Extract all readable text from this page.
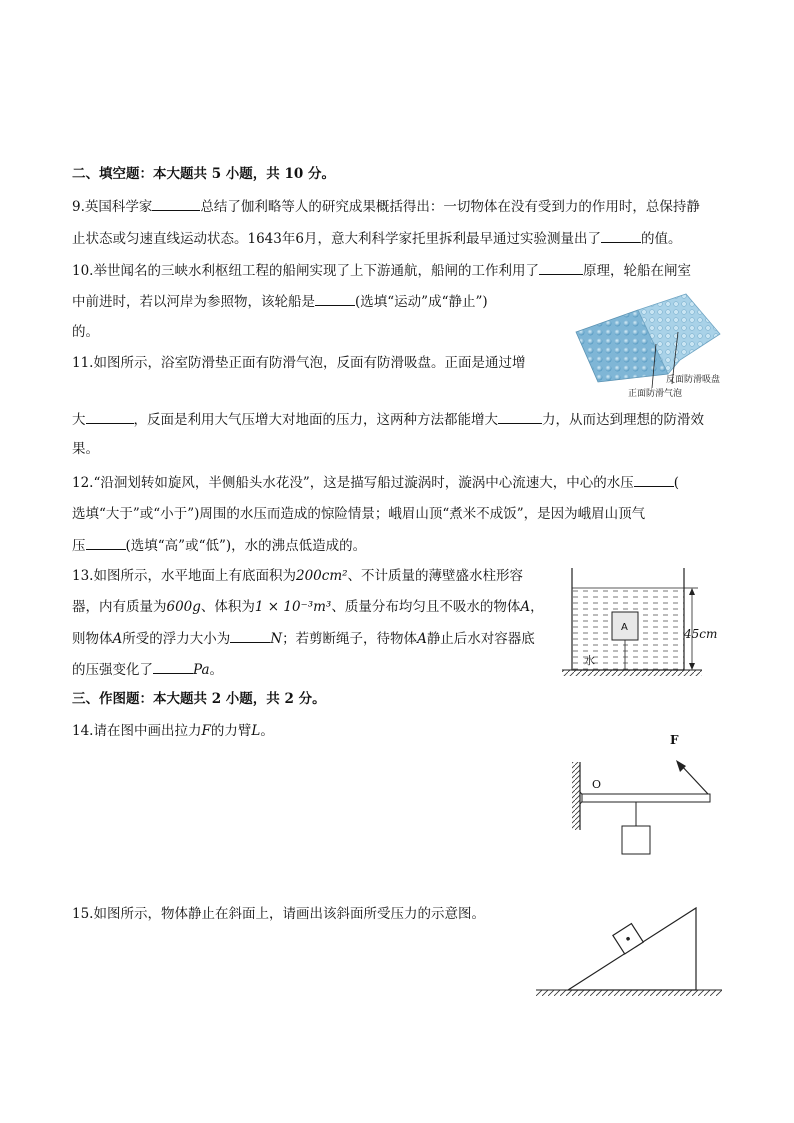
二、填空题：本大题共 5 小题，共 10 分。
9.英国科学家	总结了伽利略等人的研究成果概括得出：一切物体在没有受到力的作用时，总保持静
止状态或匀速直线运动状态。1643年6月，意大利科学家托里拆利最早通过实验测量出了	的值。
10.举世闻名的三峡水利枢纽工程的船闸实现了上下游通航，船闸的工作利用了	原理，轮船在闸室
中前进时，若以河岸为参照物，该轮船是	(选填“运动”成“静止”)
的。
11.如图所示，浴室防滑垫正面有防滑气泡，反面有防滑吸盘。正面是通过增
大	，反面是利用大气压增大对地面的压力，这两种方法都能增大	力，从而达到理想的防滑效
果。
反面防滑吸盘
正面防滑气泡
12.“沿洄划转如旋风，半侧船头水花没”，这是描写船过漩涡时，漩涡中心流速大，中心的水压	(
选填“大于”或“小于”)周围的水压而造成的惊险情景；峨眉山顶“煮米不成饭”，是因为峨眉山顶气
压	(选填“高”或“低”)，水的沸点低造成的。
13.如图所示，水平地面上有底面积为200cm²、不计质量的薄壁盛水柱形容
器，内有质量为600g、体积为1 × 10⁻³m³、质量分布均匀且不吸水的物体A，
则物体A所受的浮力大小为	N；若剪断绳子，待物体A静止后水对容器底
的压强变化了	Pa。
A
水
45cm
三、作图题：本大题共 2 小题，共 2 分。
14.请在图中画出拉力F的力臂L。
O
F
15.如图所示，物体静止在斜面上，请画出该斜面所受压力的示意图。
